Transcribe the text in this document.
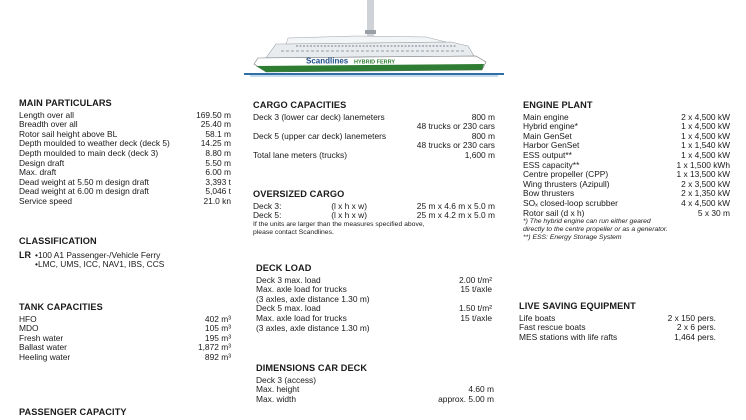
Scandlines HYBRID FERRY
MAIN PARTICULARS
Length over all	169.50 m
Breadth over all	25.40 m
Rotor sail height above BL	58.1 m
Depth moulded to weather deck (deck 5)	14.25 m
Depth moulded to main deck (deck 3)	8.80 m
Design draft	5.50 m
Max. draft	6.00 m
Dead weight at 5.50 m design draft	3,393 t
Dead weight at 6.00 m design draft	5,046 t
Service speed	21.0 kn
CLASSIFICATION
LR
• 100 A1 Passenger-/Vehicle Ferry
• LMC, UMS, ICC, NAV1, IBS, CCS
TANK CAPACITIES
HFO	402 m³
MDO	105 m³
Fresh water	195 m³
Ballast water	1,872 m³
Heeling water	892 m³
PASSENGER CAPACITY
CARGO CAPACITIES
Deck 3 (lower car deck) lanemeters	800 m
48 trucks or 230 cars
Deck 5 (upper car deck) lanemeters	800 m
48 trucks or 230 cars
Total lane meters (trucks)	1,600 m
OVERSIZED CARGO
Deck 3:	(l x h x w)	25 m x 4.6 m x 5.0 m
Deck 5:	(l x h x w)	25 m x 4.2 m x 5.0 m
If the units are larger than the measures specified above,
please contact Scandlines.
DECK LOAD
Deck 3 max. load	2.00 t/m²
Max. axle load for trucks	15 t/axle
(3 axles, axle distance 1.30 m)
Deck 5 max. load	1.50 t/m²
Max. axle load for trucks	15 t/axle
(3 axles, axle distance 1.30 m)
DIMENSIONS CAR DECK
Deck 3 (access)
Max. height	4.60 m
Max. width	approx. 5.00 m
ENGINE PLANT
Main engine	2 x 4,500 kW
Hybrid engine*	1 x 4,500 kW
Main GenSet	1 x 4,500 kW
Harbor GenSet	1 x 1,540 kW
ESS output**	1 x 4,500 kW
ESS capacity**	1 x 1,500 kWh
Centre propeller (CPP)	1 x 13,500 kW
Wing thrusters (Azipull)	2 x 3,500 kW
Bow thrusters	2 x 1,350 kW
SOₓ closed-loop scrubber	4 x 4,500 kW
Rotor sail (d x h)	5 x 30 m
*) The hybrid engine can run either geared
directly to the centre propeller or as a generator.
**) ESS: Energy Storage System
LIVE SAVING EQUIPMENT
Life boats	2 x 150 pers.
Fast rescue boats	2 x 6 pers.
MES stations with life rafts	1,464 pers.
